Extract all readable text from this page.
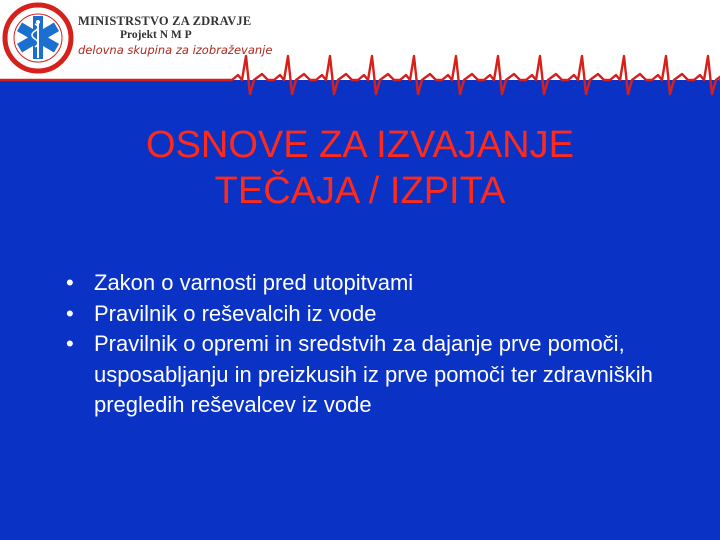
MINISTRSTVO ZA ZDRAVJE
Projekt N M P
delovna skupina za izobraževanje
OSNOVE ZA IZVAJANJE
TEČAJA / IZPITA
• Zakon o varnosti pred utopitvami
• Pravilnik o reševalcih iz vode
• Pravilnik o opremi in sredstvih za dajanje prve pomoči, usposabljanju in preizkusih iz prve pomoči ter zdravniških pregledih reševalcev iz vode
